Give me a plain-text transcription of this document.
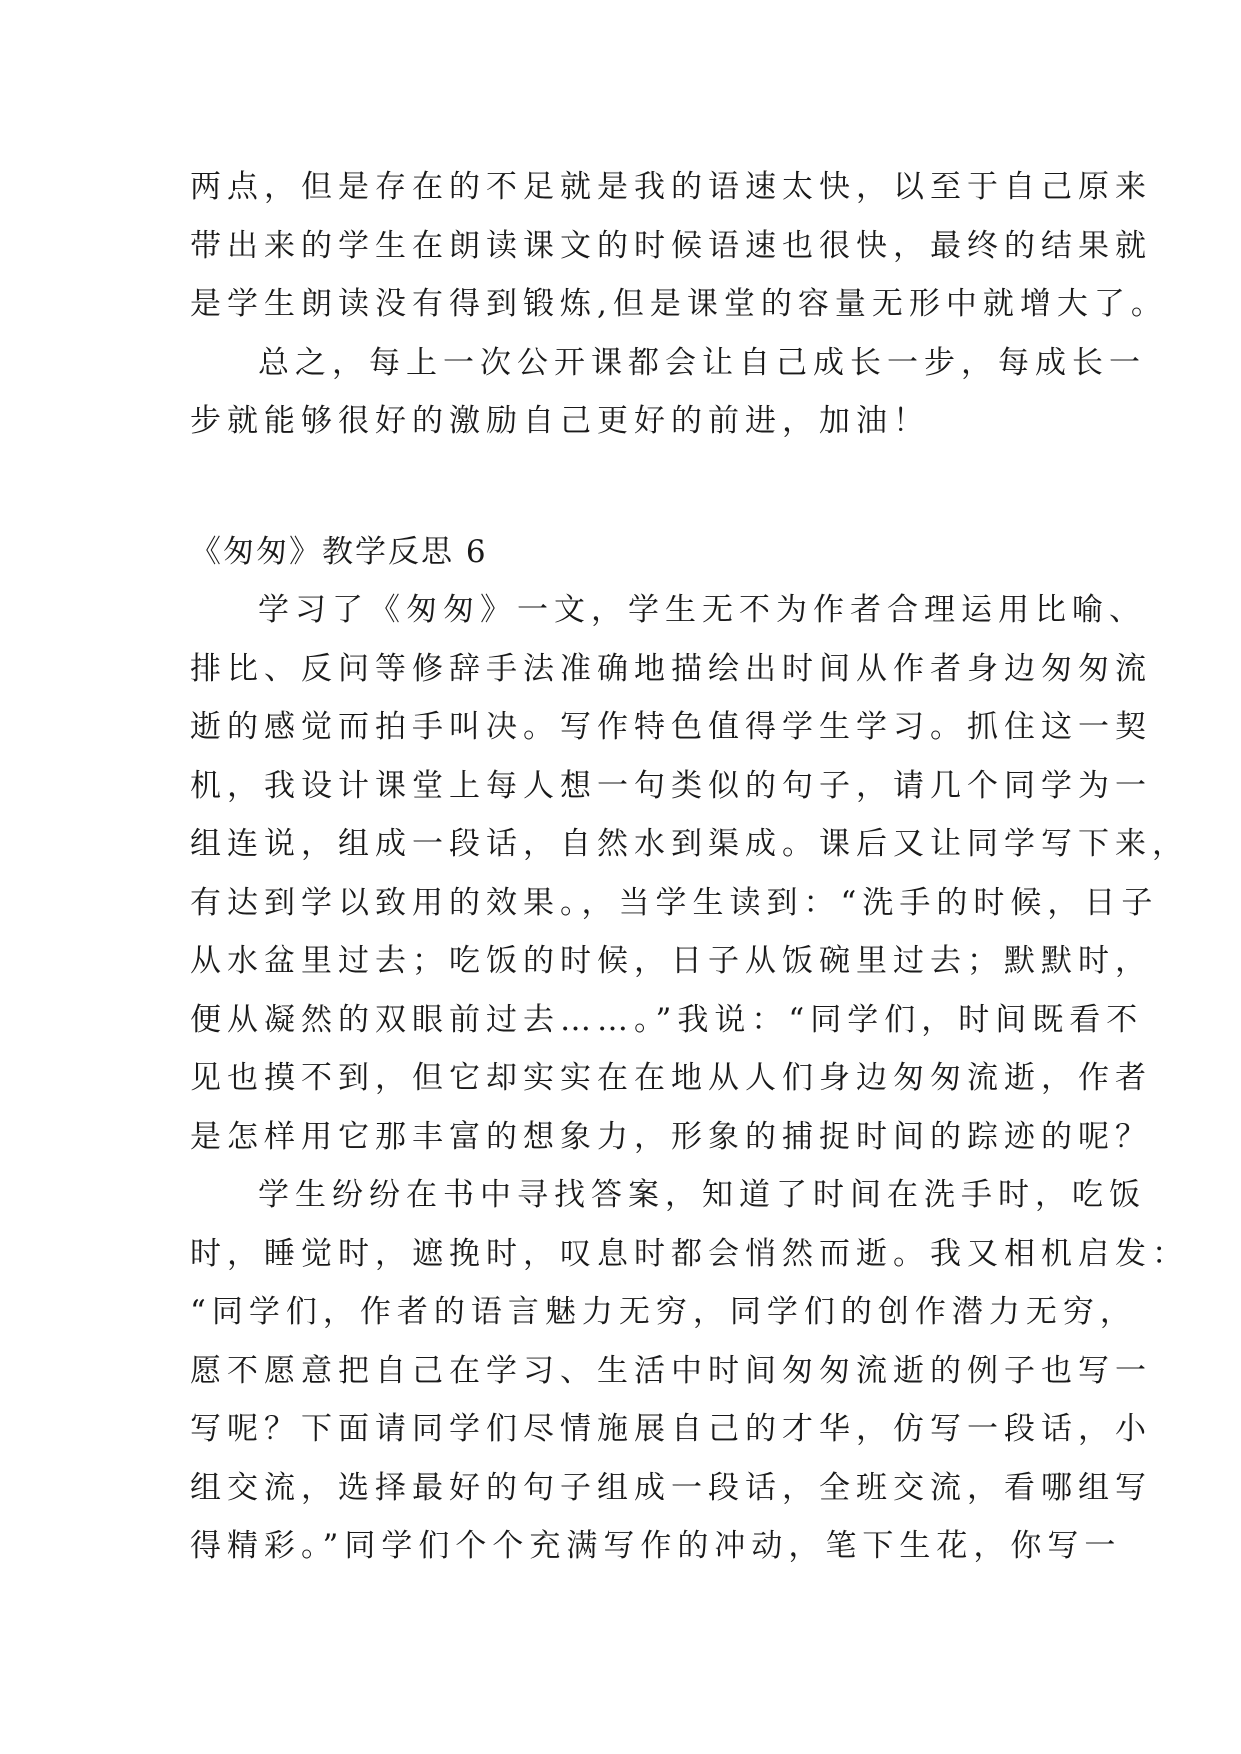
两点，但是存在的不足就是我的语速太快，以至于自己原来
带出来的学生在朗读课文的时候语速也很快，最终的结果就
是学生朗读没有得到锻炼,但是课堂的容量无形中就增大了。
总之，每上一次公开课都会让自己成长一步，每成长一
步就能够很好的激励自己更好的前进，加油！
《匆匆》教学反思 6
学习了《匆匆》一文，学生无不为作者合理运用比喻、
排比、反问等修辞手法准确地描绘出时间从作者身边匆匆流
逝的感觉而拍手叫决。写作特色值得学生学习。抓住这一契
机，我设计课堂上每人想一句类似的句子，请几个同学为一
组连说，组成一段话，自然水到渠成。课后又让同学写下来，
有达到学以致用的效果。，当学生读到：“洗手的时候，日子
从水盆里过去；吃饭的时候，日子从饭碗里过去；默默时，
便从凝然的双眼前过去……。”我说：“同学们，时间既看不
见也摸不到，但它却实实在在地从人们身边匆匆流逝，作者
是怎样用它那丰富的想象力，形象的捕捉时间的踪迹的呢？
学生纷纷在书中寻找答案，知道了时间在洗手时，吃饭
时，睡觉时，遮挽时，叹息时都会悄然而逝。我又相机启发：
“同学们，作者的语言魅力无穷，同学们的创作潜力无穷，
愿不愿意把自己在学习、生活中时间匆匆流逝的例子也写一
写呢？下面请同学们尽情施展自己的才华，仿写一段话，小
组交流，选择最好的句子组成一段话，全班交流，看哪组写
得精彩。”同学们个个充满写作的冲动，笔下生花，你写一
